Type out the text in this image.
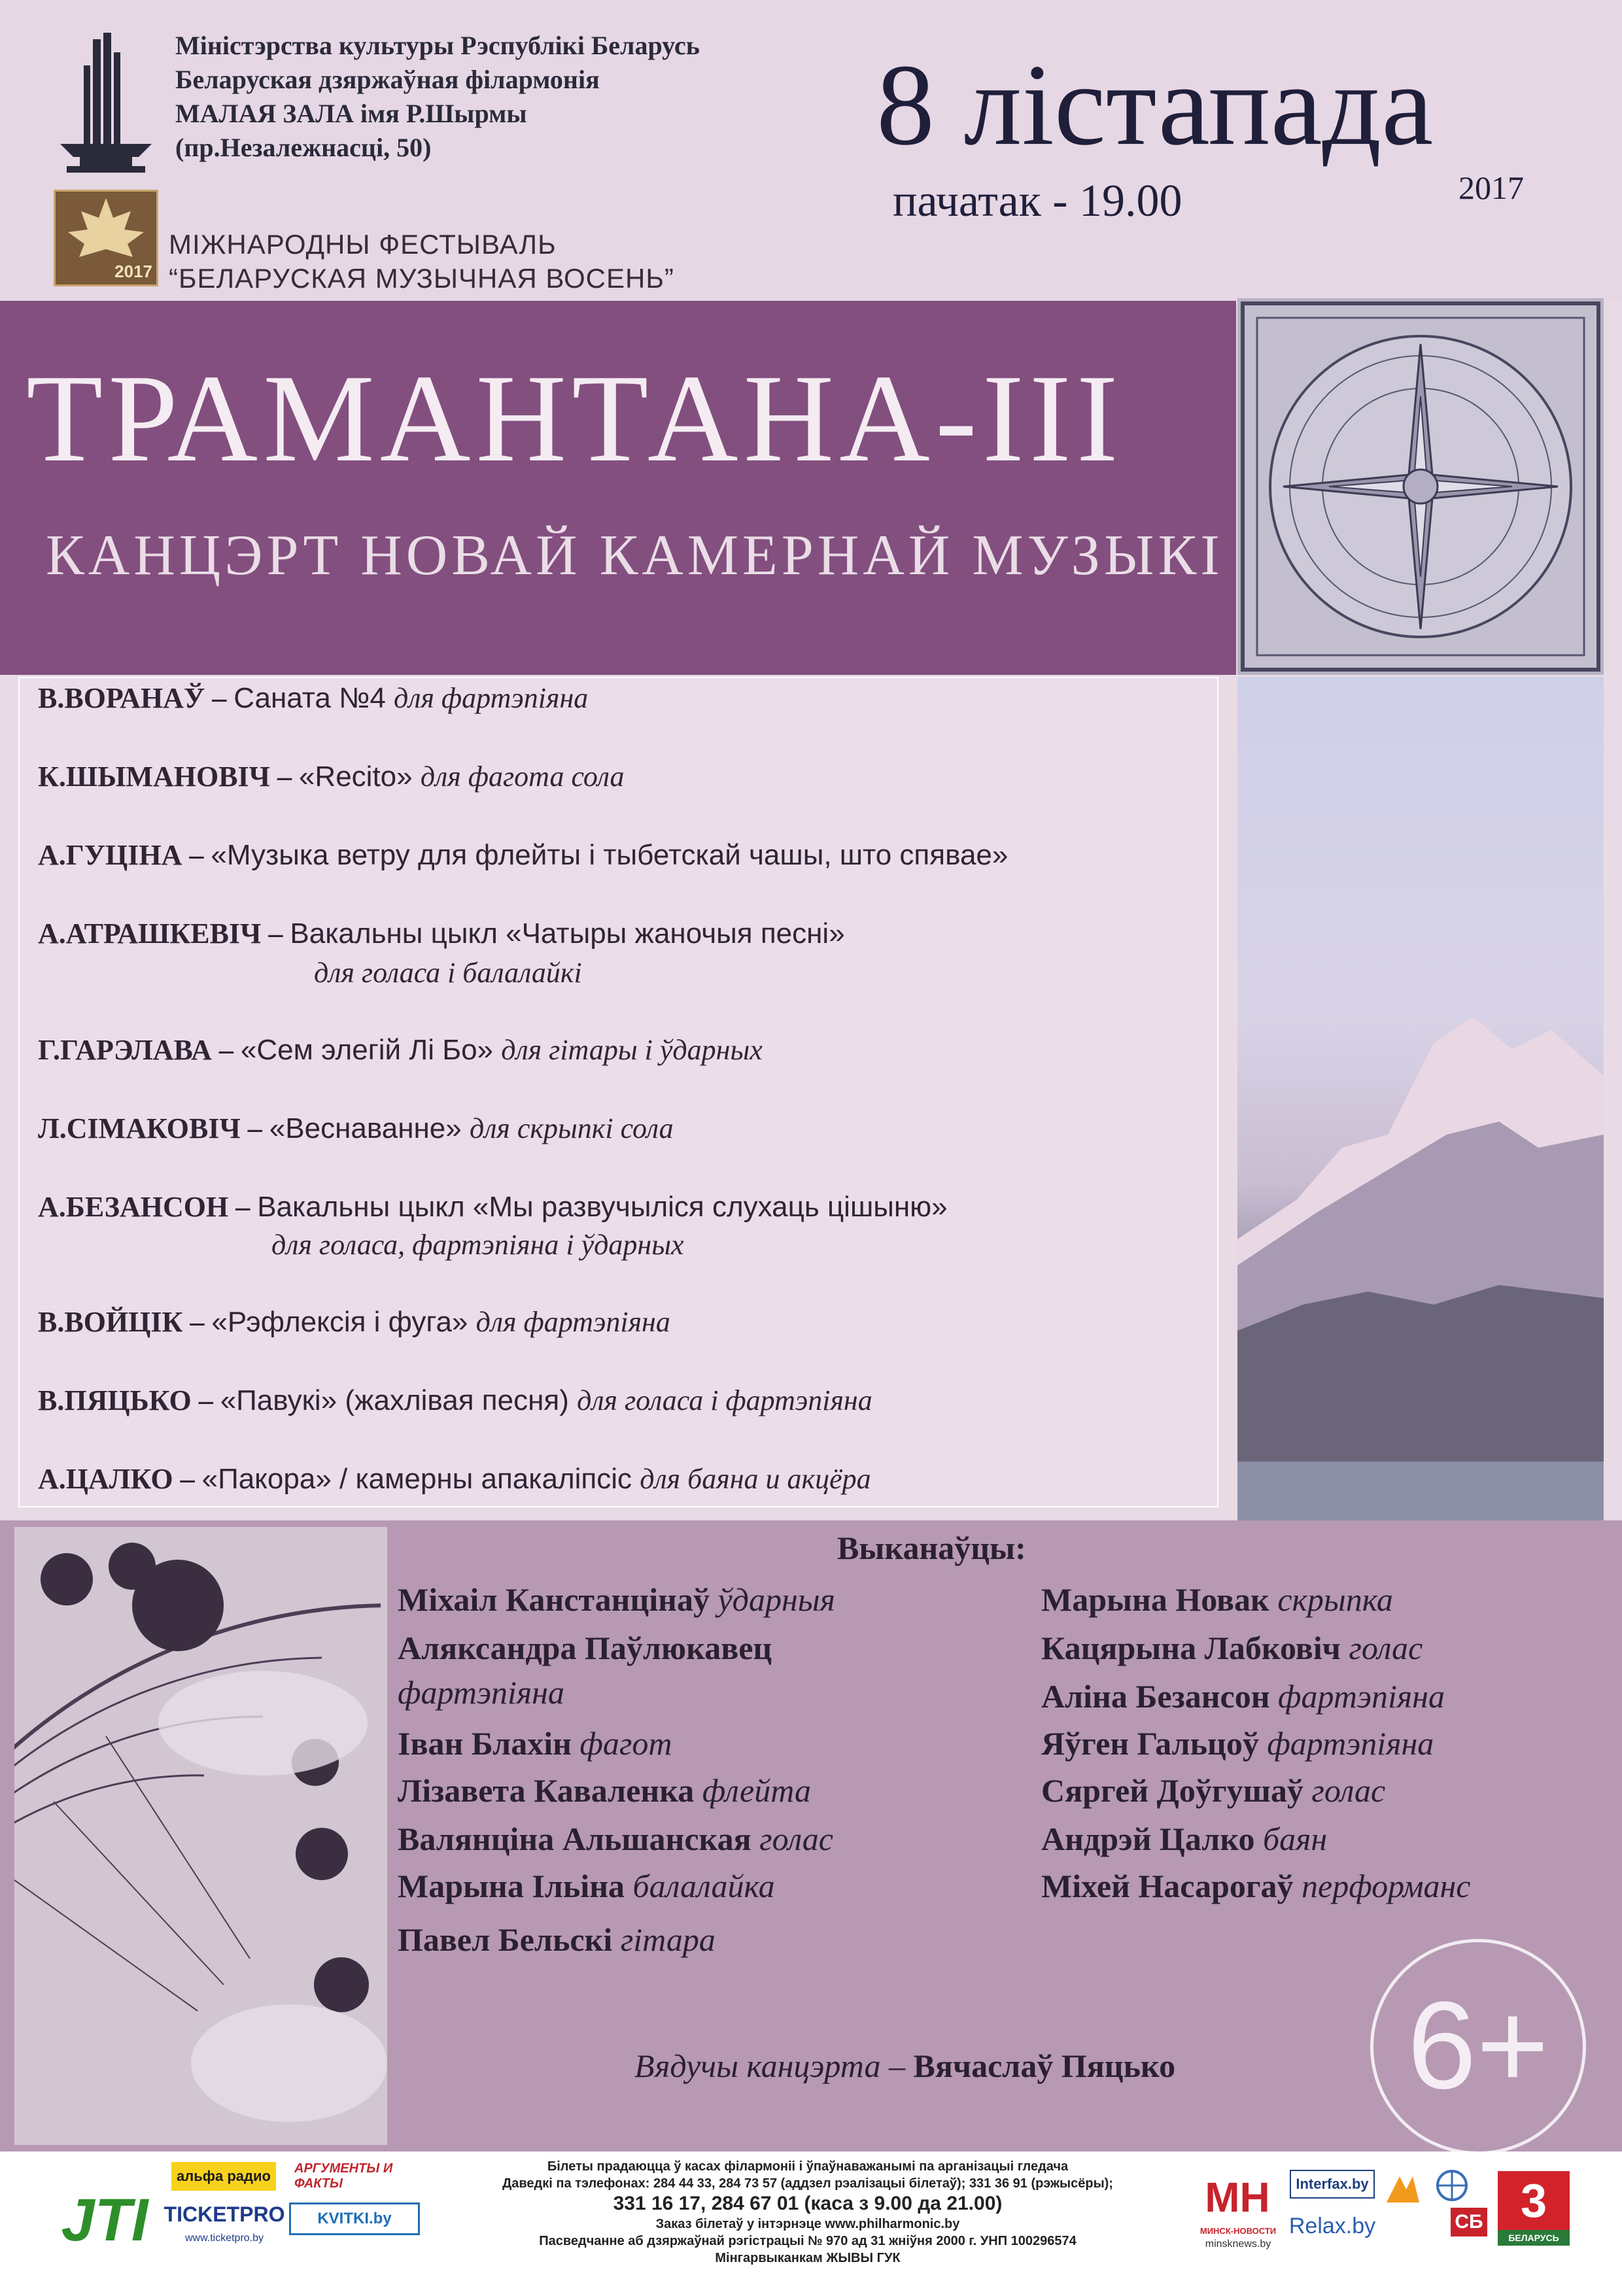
Міністэрства культуры Рэспублікі Беларусь
Беларуская дзяржаўная філармонія
МАЛАЯ ЗАЛА імя Р.Шырмы
(пр.Незалежнасці, 50)	8 лістапада
2017
пачатак - 19.00
2017
МІЖНАРОДНЫ ФЕСТЫВАЛЬ
“БЕЛАРУСКАЯ МУЗЫЧНАЯ ВОСЕНЬ”
ТРАМАНТАНА-III
КАНЦЭРТ НОВАЙ КАМЕРНАЙ МУЗЫКІ
В.ВОРАНАЎ – Саната №4 для фартэпіяна
К.ШЫМАНОВІЧ – «Recito» для фагота сола
А.ГУЦІНА – «Музыка ветру для флейты і тыбетскай чашы, што спявае»
А.АТРАШКЕВІЧ – Вакальны цыкл «Чатыры жаночыя песні»
для голаса і балалайкі
Г.ГАРЭЛАВА – «Сем элегій Лі Бо» для гітары і ўдарных
Л.СІМАКОВІЧ – «Веснаванне» для скрыпкі сола
А.БЕЗАНСОН – Вакальны цыкл «Мы развучыліся слухаць цішыню»
для голаса, фартэпіяна і ўдарных
В.ВОЙЦІК – «Рэфлексія і фуга» для фартэпіяна
В.ПЯЦЬКО – «Павукі» (жахлівая песня) для голаса і фартэпіяна
А.ЦАЛКО – «Пакора» / камерны апакаліпсіс для баяна и акцёра
Выканаўцы:
Міхаіл Канстанцінаў ўдарныя
Аляксандра Паўлюкавец
фартэпіяна
Іван Блахін фагот
Лізавета Каваленка флейта
Валянціна Альшанская голас
Марына Ільіна балалайка
Павел Бельскі гітара
Марына Новак скрыпка
Кацярына Лабковіч голас
Аліна Безансон фартэпіяна
Яўген Гальцоў фартэпіяна
Сяргей Доўгушаў голас
Андрэй Цалко баян
Міхей Насарогаў перформанс
Вядучы канцэрта – Вячаслаў Пяцько 6+
JTI
альфа радио	АРГУМЕНТЫ И ФАКТЫ
TICKETPRO
www.ticketpro.by
KVITKI.by
Білеты прадаюцца ў касах філармоніі і ўпаўнаважанымі па арганізацыі гледача
Даведкі па тэлефонах: 284 44 33, 284 73 57 (аддзел рэалізацыі білетаў); 331 36 91 (рэжысёры);
331 16 17, 284 67 01 (каса з 9.00 да 21.00)
Заказ білетаў у інтэрнэце www.philharmonic.by
Пасведчанне аб дзяржаўнай рэгістрацыі № 970 ад 31 жніўня 2000 г. УНП 100296574
Мінгарвыканкам ЖЫВЫ ГУК
МН
МИНСК-НОВОСТИ
minsknews.by
Interfax.by
Relax.by	СБ 3
БЕЛАРУСЬ
